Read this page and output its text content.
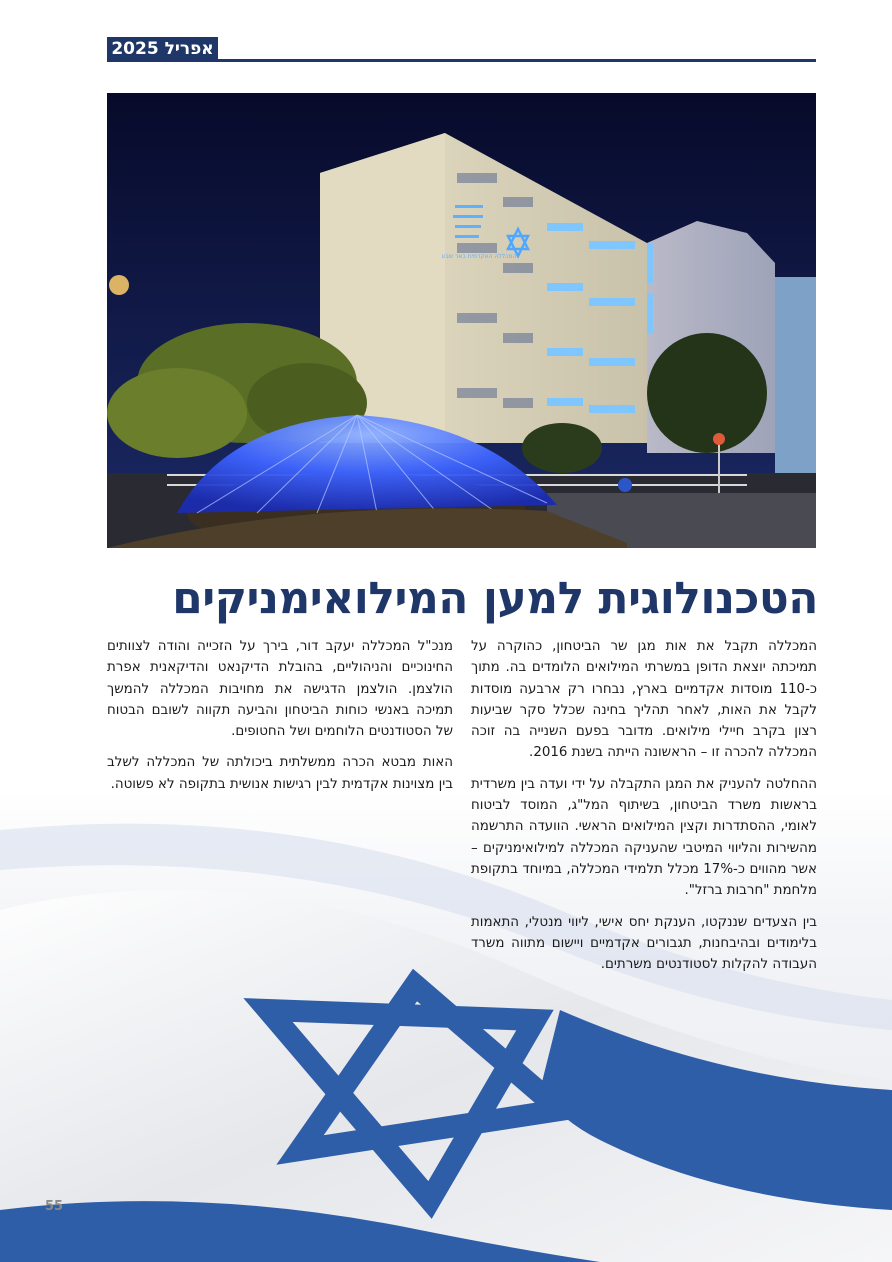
אפריל 2025
המכללה האקדמית באר שבע
הטכנולוגית למען המילואימניקים

המכללה תקבל את אות מגן שר הביטחון, כהוקרה על תמיכתה יוצאת הדופן במשרתי המילואים הלומדים בה. מתוך כ-110 מוסדות אקדמיים בארץ, נבחרו רק ארבעה מוסדות לקבל את האות, לאחר תהליך בחינה שכלל סקר שביעות רצון בקרב חיילי מילואים. מדובר בפעם השנייה בה זוכה המכללה להכרה זו – הראשונה הייתה בשנת 2016.

ההחלטה להעניק את המגן התקבלה על ידי ועדה בין משרדית בראשות משרד הביטחון, בשיתוף המל"ג, המוסד לביטוח לאומי, ההסתדרות וקצין המילואים הראשי. הוועדה התרשמה מהשירות והליווי המיטבי שהעניקה המכללה למילואימניקים – אשר מהווים כ-17% מכלל תלמידי המכללה, במיוחד בתקופת מלחמת "חרבות ברזל".

בין הצעדים שננקטו, הענקת יחס אישי, ליווי מנטלי, התאמות בלימודים ובהיבחנות, תגבורים אקדמיים ויישום מתווה משרד העבודה להקלות לסטודנטים משרתים.

מנכ"ל המכללה יעקב דור, בירך על הזכייה והודה לצוותים החינוכיים והניהוליים, בהובלת הדיקנאט והדיקאנית אפרת הולצמן. הולצמן הדגישה את מחויבות המכללה להמשך תמיכה באנשי כוחות הביטחון והביעה תקווה לשובם הבטוח של הסטודנטים הלוחמים ושל החטופים.

האות מבטא הכרה ממשלתית ביכולתה של המכללה לשלב בין מצוינות אקדמית לבין רגישות אנושית בתקופה לא פשוטה.

55
